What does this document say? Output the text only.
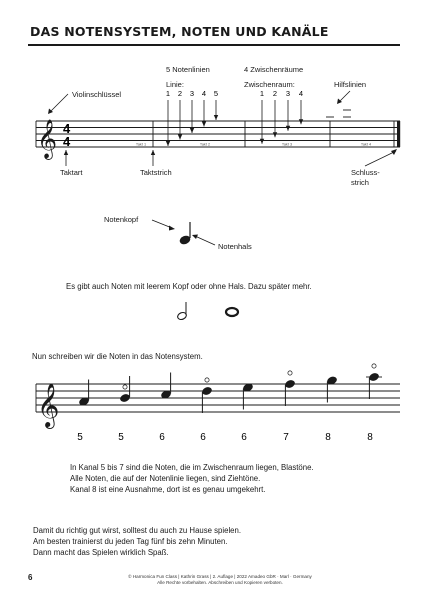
DAS NOTENSYSTEM, NOTEN UND KANÄLE
Violinschlüssel
5 Notenlinien
Linie:
4 Zwischenräume
Zwischenraum:	Hilfslinien
Taktart	Taktstrich	Schluss-
strich
𝄞 4
4	Takt 1	Takt 2	Takt 3	Takt 4
1 2 3 4 5	1 2 3 4
Notenkopf
Notenhals
Es gibt auch Noten mit leerem Kopf oder ohne Hals. Dazu später mehr.
Nun schreiben wir die Noten in das Notensystem.
𝄞
5	5	6	6	6	7	8	8
In Kanal 5 bis 7 sind die Noten, die im Zwischenraum liegen, Blastöne.
Alle Noten, die auf der Notenlinie liegen, sind Ziehtöne.
Kanal 8 ist eine Ausnahme, dort ist es genau umgekehrt.
Damit du richtig gut wirst, solltest du auch zu Hause spielen.
Am besten trainierst du jeden Tag fünf bis zehn Minuten.
Dann macht das Spielen wirklich Spaß.
6	© Harmonica Fun Class | Kathrin Grass | 2. Auflage | 2022 Amadeo GbR · Marl · Germany
Alle Rechte vorbehalten. Abschreiben und Kopieren verboten.
